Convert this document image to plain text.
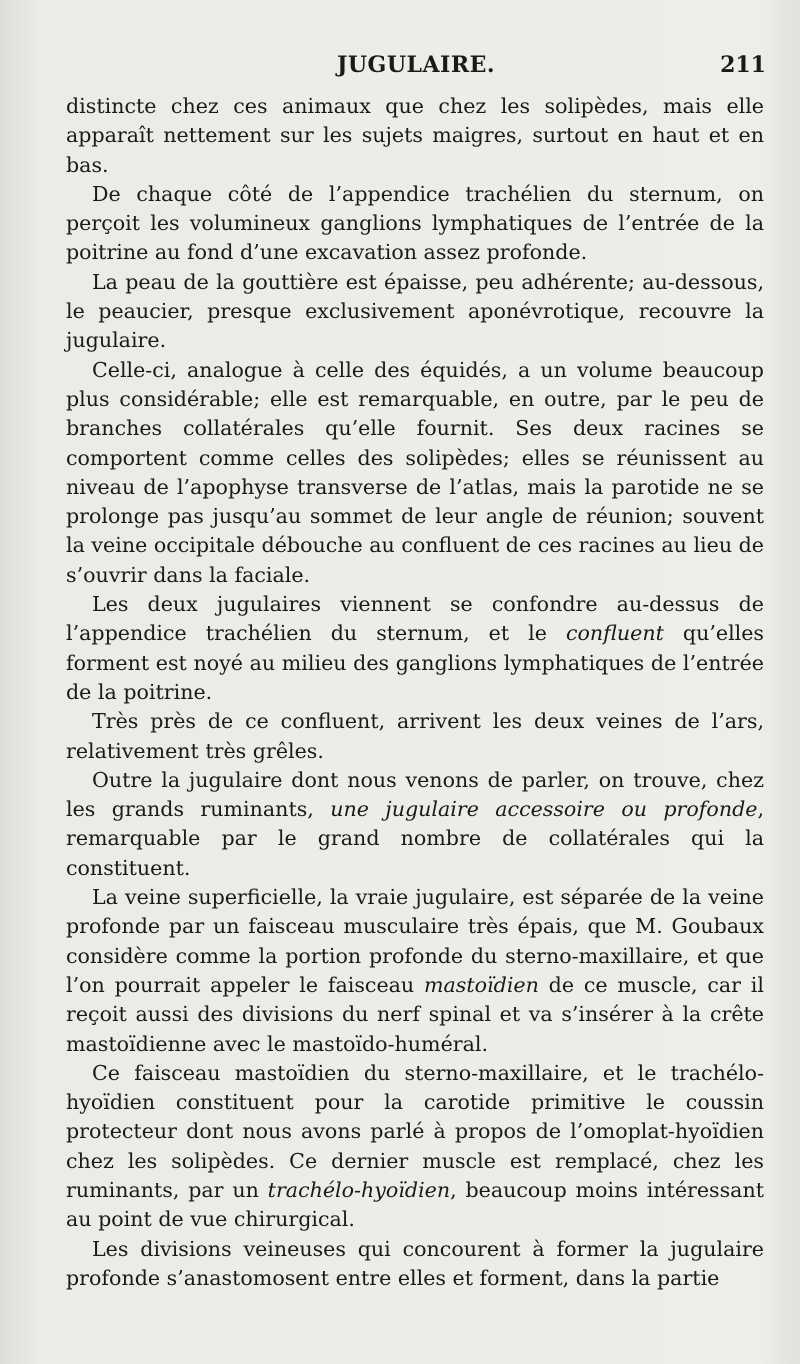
JUGULAIRE.	211

distincte chez ces animaux que chez les solipèdes, mais elle apparaît nettement sur les sujets maigres, surtout en haut et en bas.

De chaque côté de l’appendice trachélien du sternum, on perçoit les volumineux ganglions lymphatiques de l’entrée de la poitrine au fond d’une excavation assez profonde.

La peau de la gouttière est épaisse, peu adhérente; au-dessous, le peaucier, presque exclusivement aponévrotique, recouvre la jugulaire.

Celle-ci, analogue à celle des équidés, a un volume beaucoup plus considérable; elle est remarquable, en outre, par le peu de branches collatérales qu’elle fournit. Ses deux racines se comportent comme celles des solipèdes; elles se réunissent au niveau de l’apophyse transverse de l’atlas, mais la parotide ne se prolonge pas jusqu’au sommet de leur angle de réunion; souvent la veine occipitale débouche au confluent de ces racines au lieu de s’ouvrir dans la faciale.

Les deux jugulaires viennent se confondre au-dessus de l’appendice trachélien du sternum, et le confluent qu’elles forment est noyé au milieu des ganglions lymphatiques de l’entrée de la poitrine.

Très près de ce confluent, arrivent les deux veines de l’ars, relativement très grêles.

Outre la jugulaire dont nous venons de parler, on trouve, chez les grands ruminants, une jugulaire accessoire ou profonde, remarquable par le grand nombre de collatérales qui la constituent.

La veine superficielle, la vraie jugulaire, est séparée de la veine profonde par un faisceau musculaire très épais, que M. Goubaux considère comme la portion profonde du sterno-maxillaire, et que l’on pourrait appeler le faisceau mastoïdien de ce muscle, car il reçoit aussi des divisions du nerf spinal et va s’insérer à la crête mastoïdienne avec le mastoïdo-huméral.

Ce faisceau mastoïdien du sterno-maxillaire, et le trachélo-hyoïdien constituent pour la carotide primitive le coussin protecteur dont nous avons parlé à propos de l’omoplat-hyoïdien chez les solipèdes. Ce dernier muscle est remplacé, chez les ruminants, par un trachélo-hyoïdien, beaucoup moins intéressant au point de vue chirurgical.

Les divisions veineuses qui concourent à former la jugulaire profonde s’anastomosent entre elles et forment, dans la partie
